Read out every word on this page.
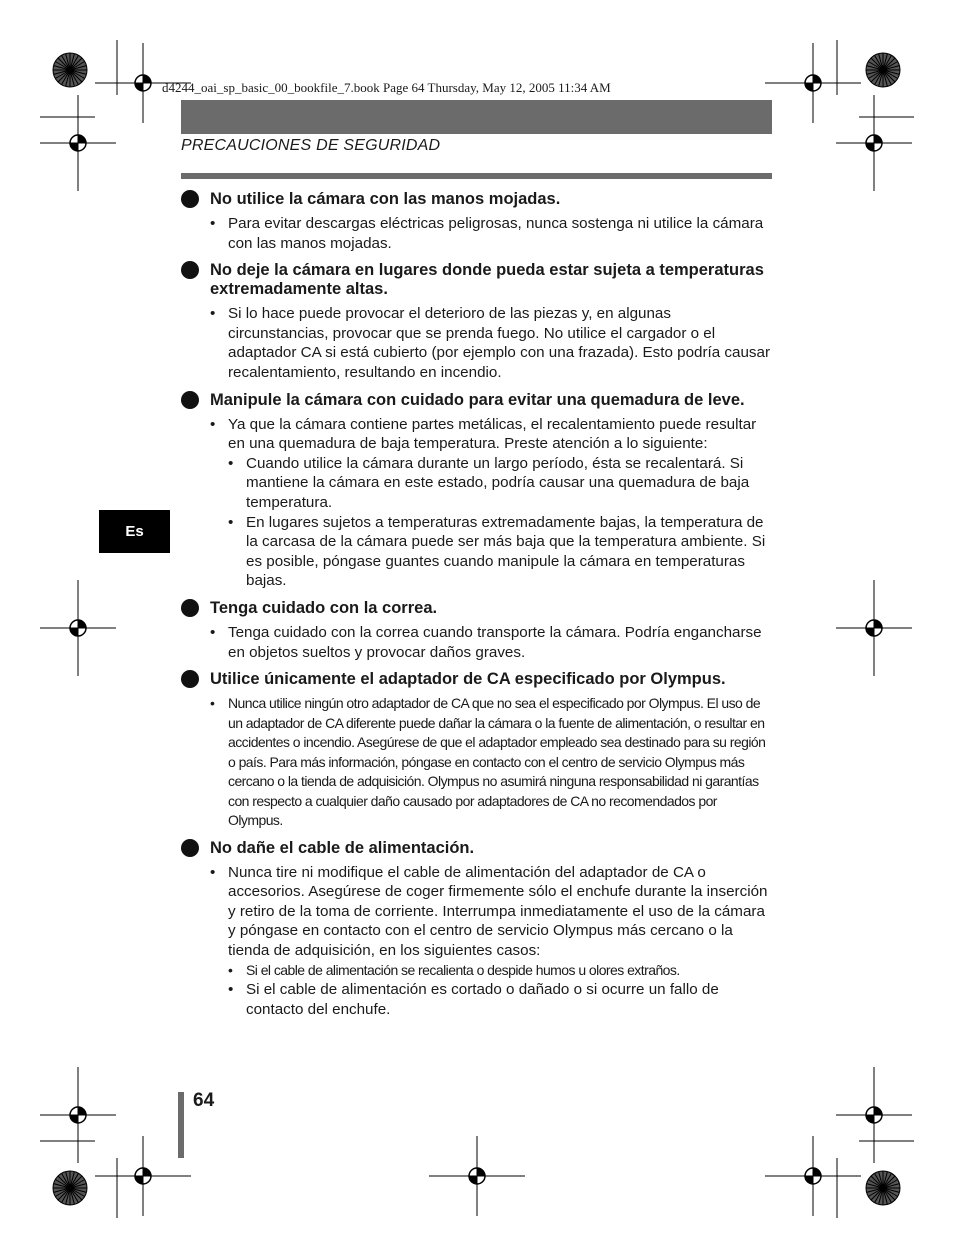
d4244_oai_sp_basic_00_bookfile_7.book Page 64 Thursday, May 12, 2005 11:34 AM
PRECAUCIONES DE SEGURIDAD
Es
64
No utilice la cámara con las manos mojadas.
• Para evitar descargas eléctricas peligrosas, nunca sostenga ni utilice la cámara con las manos mojadas.
No deje la cámara en lugares donde pueda estar sujeta a temperaturas extremadamente altas.
• Si lo hace puede provocar el deterioro de las piezas y, en algunas circunstancias, provocar que se prenda fuego. No utilice el cargador o el adaptador CA si está cubierto (por ejemplo con una frazada). Esto podría causar recalentamiento, resultando en incendio.
Manipule la cámara con cuidado para evitar una quemadura de leve.
• Ya que la cámara contiene partes metálicas, el recalentamiento puede resultar en una quemadura de baja temperatura. Preste atención a lo siguiente:
• Cuando utilice la cámara durante un largo período, ésta se recalentará. Si mantiene la cámara en este estado, podría causar una quemadura de baja temperatura.
• En lugares sujetos a temperaturas extremadamente bajas, la temperatura de la carcasa de la cámara puede ser más baja que la temperatura ambiente. Si es posible, póngase guantes cuando manipule la cámara en temperaturas bajas.
Tenga cuidado con la correa.
• Tenga cuidado con la correa cuando transporte la cámara. Podría engancharse en objetos sueltos y provocar daños graves.
Utilice únicamente el adaptador de CA especificado por Olympus.
• Nunca utilice ningún otro adaptador de CA que no sea el especificado por Olympus. El uso de un adaptador de CA diferente puede dañar la cámara o la fuente de alimentación, o resultar en accidentes o incendio. Asegúrese de que el adaptador empleado sea destinado para su región o país. Para más información, póngase en contacto con el centro de servicio Olympus más cercano o la tienda de adquisición. Olympus no asumirá ninguna responsabilidad ni garantías con respecto a cualquier daño causado por adaptadores de CA no recomendados por Olympus.
No dañe el cable de alimentación.
• Nunca tire ni modifique el cable de alimentación del adaptador de CA o accesorios. Asegúrese de coger firmemente sólo el enchufe durante la inserción y retiro de la toma de corriente. Interrumpa inmediatamente el uso de la cámara y póngase en contacto con el centro de servicio Olympus más cercano o la tienda de adquisición, en los siguientes casos:
• Si el cable de alimentación se recalienta o despide humos u olores extraños.
• Si el cable de alimentación es cortado o dañado o si ocurre un fallo de contacto del enchufe.
